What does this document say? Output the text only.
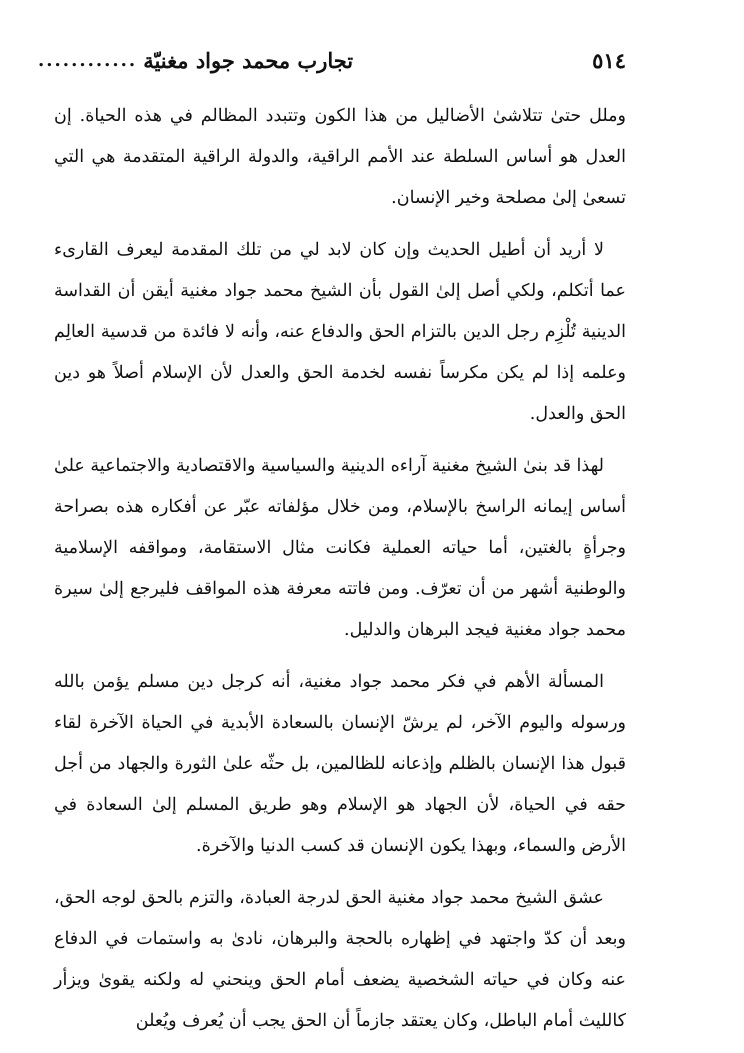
٥١٤
تجارب محمد جواد مغنيّة
............

وملل حتىٰ تتلاشىٰ الأضاليل من هذا الكون وتتبدد المظالم في هذه الحياة. إن العدل هو أساس السلطة عند الأمم الراقية، والدولة الراقية المتقدمة هي التي تسعىٰ إلىٰ مصلحة وخير الإنسان.

لا أريد أن أطيل الحديث وإن كان لابد لي من تلك المقدمة ليعرف القارىء عما أتكلم، ولكي أصل إلىٰ القول بأن الشيخ محمد جواد مغنية أيقن أن القداسة الدينية تُلْزِم رجل الدين بالتزام الحق والدفاع عنه، وأنه لا فائدة من قدسية العالِم وعلمه إذا لم يكن مكرساً نفسه لخدمة الحق والعدل لأن الإسلام أصلاً هو دين الحق والعدل.

لهذا قد بنىٰ الشيخ مغنية آراءه الدينية والسياسية والاقتصادية والاجتماعية علىٰ أساس إيمانه الراسخ بالإسلام، ومن خلال مؤلفاته عبّر عن أفكاره هذه بصراحة وجرأةٍ بالغتين، أما حياته العملية فكانت مثال الاستقامة، ومواقفه الإسلامية والوطنية أشهر من أن تعرّف. ومن فاتته معرفة هذه المواقف فليرجع إلىٰ سيرة محمد جواد مغنية فيجد البرهان والدليل.

المسألة الأهم في فكر محمد جواد مغنية، أنه كرجل دين مسلم يؤمن بالله ورسوله واليوم الآخر، لم يرشّ الإنسان بالسعادة الأبدية في الحياة الآخرة لقاء قبول هذا الإنسان بالظلم وإذعانه للظالمين، بل حثّه علىٰ الثورة والجهاد من أجل حقه في الحياة، لأن الجهاد هو الإسلام وهو طريق المسلم إلىٰ السعادة في الأرض والسماء، وبهذا يكون الإنسان قد كسب الدنيا والآخرة.

عشق الشيخ محمد جواد مغنية الحق لدرجة العبادة، والتزم بالحق لوجه الحق، وبعد أن كدّ واجتهد في إظهاره بالحجة والبرهان، نادىٰ به واستمات في الدفاع عنه وكان في حياته الشخصية يضعف أمام الحق وينحني له ولكنه يقوىٰ ويزأر كالليث أمام الباطل، وكان يعتقد جازماً أن الحق يجب أن يُعرف ويُعلن
